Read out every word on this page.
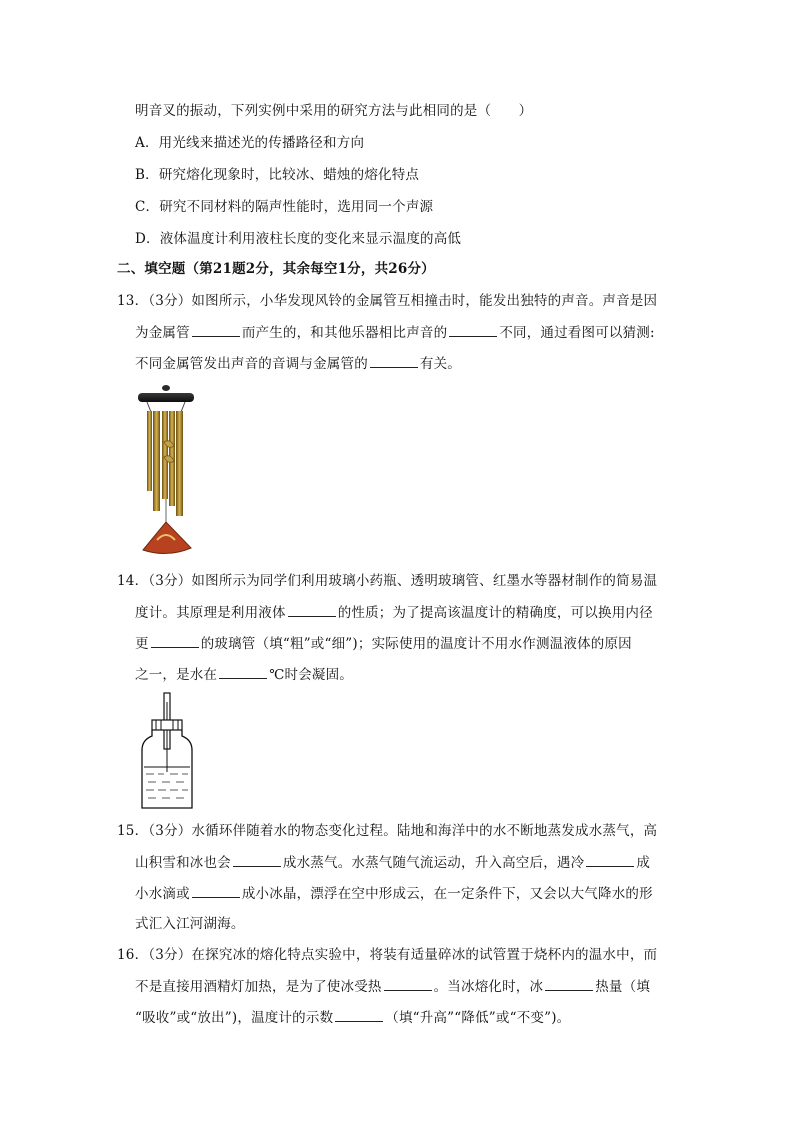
明音叉的振动，下列实例中采用的研究方法与此相同的是（　　）
A．用光线来描述光的传播路径和方向
B．研究熔化现象时，比较冰、蜡烛的熔化特点
C．研究不同材料的隔声性能时，选用同一个声源
D．液体温度计利用液柱长度的变化来显示温度的高低
二、填空题（第21题2分，其余每空1分，共26分）
13．（3分）如图所示，小华发现风铃的金属管互相撞击时，能发出独特的声音。声音是因
为金属管	而产生的，和其他乐器相比声音的	不同，通过看图可以猜测:
不同金属管发出声音的音调与金属管的	有关。
14．（3分）如图所示为同学们利用玻璃小药瓶、透明玻璃管、红墨水等器材制作的简易温
度计。其原理是利用液体	的性质；为了提高该温度计的精确度，可以换用内径
更	的玻璃管（填“粗”或“细”)；实际使用的温度计不用水作测温液体的原因
之一，是水在	℃时会凝固。
15．（3分）水循环伴随着水的物态变化过程。陆地和海洋中的水不断地蒸发成水蒸气，高
山积雪和冰也会	成水蒸气。水蒸气随气流运动，升入高空后，遇冷	成
小水滴或	成小冰晶，漂浮在空中形成云，在一定条件下，又会以大气降水的形
式汇入江河湖海。
16．（3分）在探究冰的熔化特点实验中，将装有适量碎冰的试管置于烧杯内的温水中，而
不是直接用酒精灯加热，是为了使冰受热	。当冰熔化时，冰	热量（填
“吸收”或“放出”)，温度计的示数	（填“升高”“降低”或“不变”)。
